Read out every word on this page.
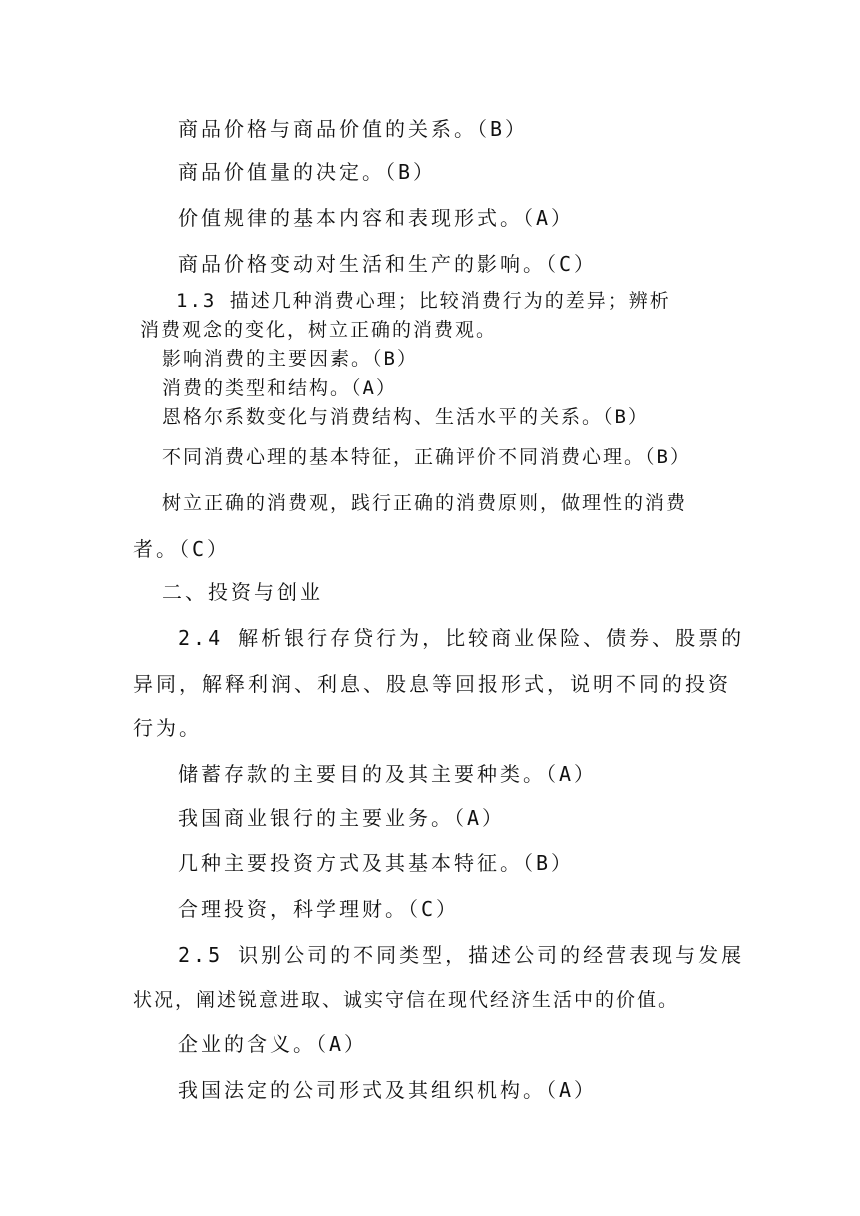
商品价格与商品价值的关系。（B）
商品价值量的决定。（B）
价值规律的基本内容和表现形式。（A）
商品价格变动对生活和生产的影响。（C）
1.3 描述几种消费心理；比较消费行为的差异；辨析
消费观念的变化，树立正确的消费观。
影响消费的主要因素。（B）
消费的类型和结构。（A）
恩格尔系数变化与消费结构、生活水平的关系。（B）
不同消费心理的基本特征，正确评价不同消费心理。（B）
树立正确的消费观，践行正确的消费原则，做理性的消费
者。（C）
二、投资与创业
2.4 解析银行存贷行为，比较商业保险、债券、股票的
异同，解释利润、利息、股息等回报形式，说明不同的投资
行为。
储蓄存款的主要目的及其主要种类。（A）
我国商业银行的主要业务。（A）
几种主要投资方式及其基本特征。（B）
合理投资，科学理财。（C）
2.5 识别公司的不同类型，描述公司的经营表现与发展
状况，阐述锐意进取、诚实守信在现代经济生活中的价值。
企业的含义。（A）
我国法定的公司形式及其组织机构。（A）
